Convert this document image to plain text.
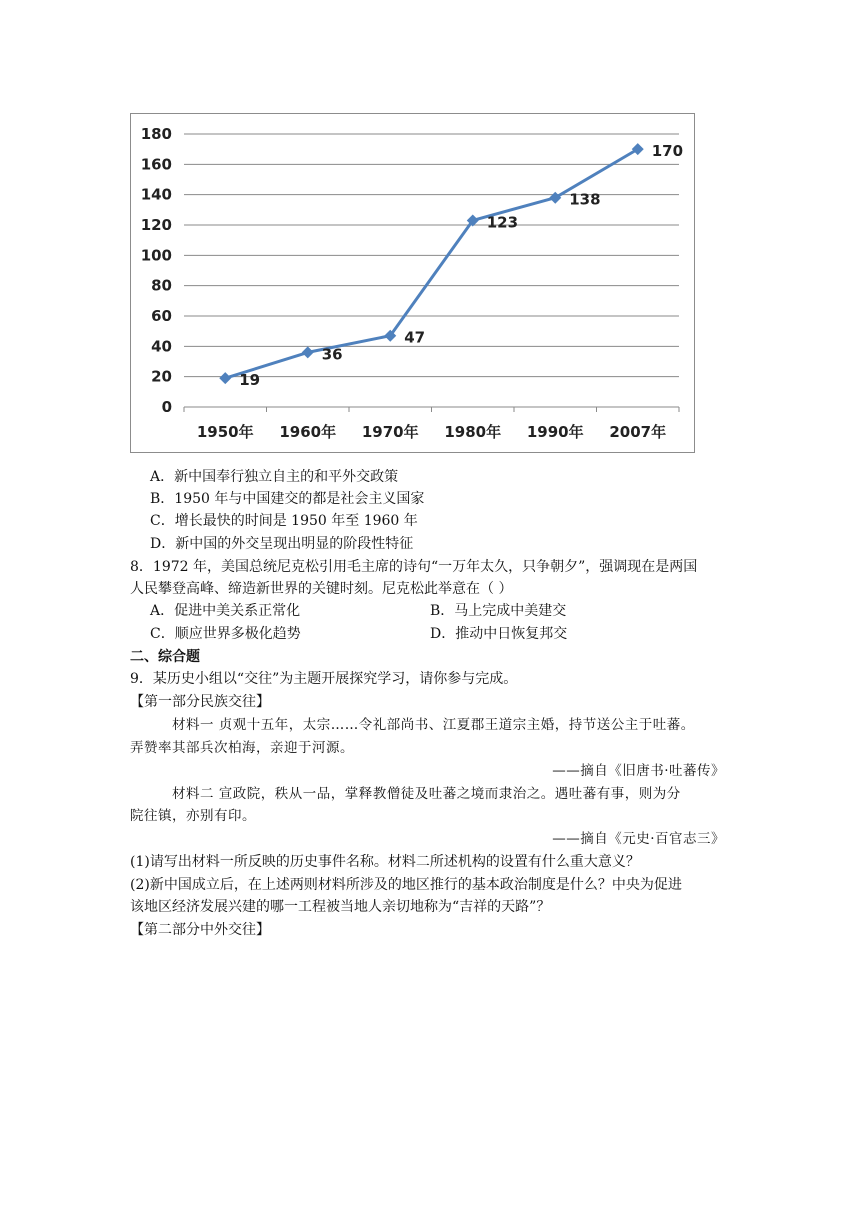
0
20
40
60
80
100
120
140
160
180
1950年 1960年 1970年 1980年 1990年 2007年
19
36
47
123
138
170
A．新中国奉行独立自主的和平外交政策
B．1950 年与中国建交的都是社会主义国家
C．增长最快的时间是 1950 年至 1960 年
D．新中国的外交呈现出明显的阶段性特征
8．1972 年，美国总统尼克松引用毛主席的诗句“一万年太久，只争朝夕”，强调现在是两国
人民攀登高峰、缔造新世界的关键时刻。尼克松此举意在（ ）
A．促进中美关系正常化	B．马上完成中美建交
C．顺应世界多极化趋势	D．推动中日恢复邦交
二、综合题
9．某历史小组以“交往”为主题开展探究学习，请你参与完成。
【第一部分民族交往】
材料一 贞观十五年，太宗……令礼部尚书、江夏郡王道宗主婚，持节送公主于吐蕃。
弄赞率其部兵次柏海，亲迎于河源。
——摘自《旧唐书·吐蕃传》
材料二 宣政院，秩从一品，掌释教僧徒及吐蕃之境而隶治之。遇吐蕃有事，则为分
院往镇，亦别有印。
——摘自《元史·百官志三》
(1)请写出材料一所反映的历史事件名称。材料二所述机构的设置有什么重大意义？
(2)新中国成立后，在上述两则材料所涉及的地区推行的基本政治制度是什么？中央为促进
该地区经济发展兴建的哪一工程被当地人亲切地称为“吉祥的天路”？
【第二部分中外交往】
